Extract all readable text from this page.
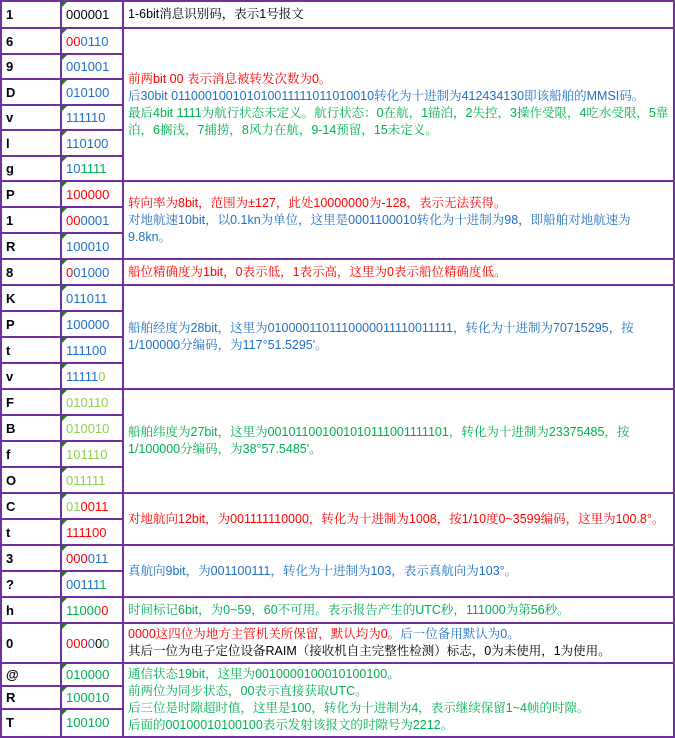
1	000001	1-6bit消息识别码，表示1号报文

6	000110	前两bit 00 表示消息被转发次数为0。
后30bit 011000100101010011111011010010转化为十进制为412434130即该船舶的MMSI码。
最后4bit 1111为航行状态未定义。航行状态：0在航，1锚泊，2失控，3操作受限，4吃水受限，5靠泊，6搁浅，7捕捞，8风力在航，9-14预留，15未定义。

9	001001	
D	010100	
v	111110	
l	110100	
g	101111	
P	100000	转向率为8bit，范围为±127，此处10000000为-128，表示无法获得。
对地航速10bit，以0.1kn为单位，这里是0001100010转化为十进制为98，即船舶对地航速为9.8kn。

1	000001	
R	100010	
8	001000	船位精确度为1bit，0表示低，1表示高，这里为0表示船位精确度低。

K	011011	船舶经度为28bit，这里为0100001101110000011110011111，转化为十进制为70715295，按1/100000分编码，为117°51.5295'。

P	100000	
t	111100	
v	111110	
F	010110	船舶纬度为27bit，这里为001011001001010111001111101，转化为十进制为23375485，按1/100000分编码，为38°57.5485'。

B	010010	
f	101110	
O	011111	
C	010011	对地航向12bit，为001111110000，转化为十进制为1008，按1/10度0~3599编码，这里为100.8°。

t	111100	
3	000011	真航向9bit，为001100111，转化为十进制为103，表示真航向为103°。

?	001111	
h	110000	时间标记6bit，为0~59，60不可用。表示报告产生的UTC秒，111000为第56秒。

0	000000	0000这四位为地方主管机关所保留，默认均为0。后一位备用默认为0。
其后一位为电子定位设备RAIM（接收机自主完整性检测）标志，0为未使用，1为使用。

@	010000	通信状态19bit，这里为0010000100010100100。
前两位为同步状态，00表示直接获取UTC。
后三位是时隙超时值，这里是100，转化为十进制为4，表示继续保留1~4帧的时隙。
后面的00100010100100表示发射该报文的时隙号为2212。

R	100010	
T	100100	
